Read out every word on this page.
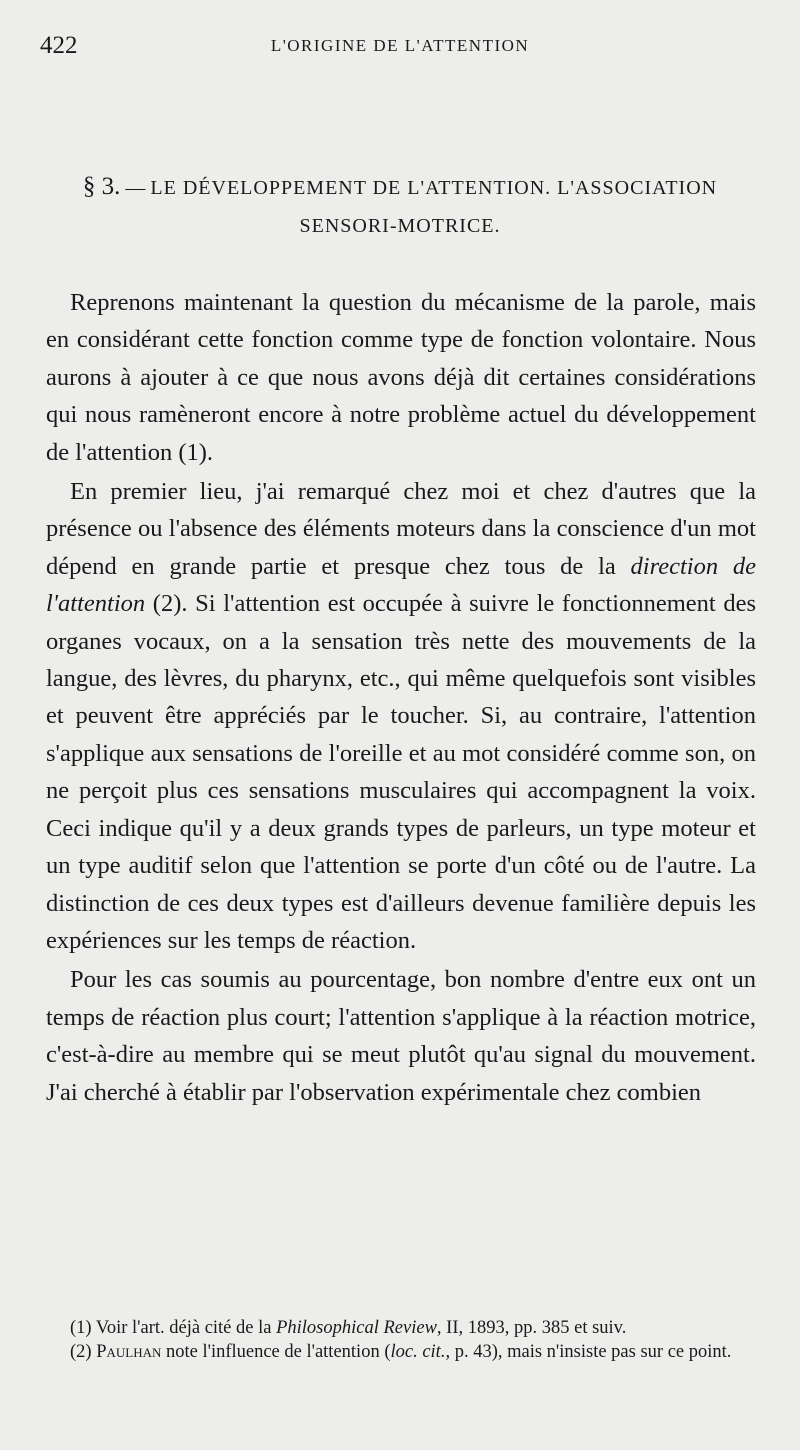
422	L'ORIGINE DE L'ATTENTION
§ 3. — LE DÉVELOPPEMENT DE L'ATTENTION. L'ASSOCIATION
SENSORI-MOTRICE.

Reprenons maintenant la question du mécanisme de la parole, mais en considérant cette fonction comme type de fonction volontaire. Nous aurons à ajouter à ce que nous avons déjà dit certaines considérations qui nous ramèneront encore à notre problème actuel du développement de l'attention (1).

En premier lieu, j'ai remarqué chez moi et chez d'autres que la présence ou l'absence des éléments moteurs dans la conscience d'un mot dépend en grande partie et presque chez tous de la direction de l'attention (2). Si l'attention est occupée à suivre le fonctionnement des organes vocaux, on a la sensation très nette des mouvements de la langue, des lèvres, du pharynx, etc., qui même quelquefois sont visibles et peuvent être appréciés par le toucher. Si, au contraire, l'attention s'applique aux sensations de l'oreille et au mot considéré comme son, on ne perçoit plus ces sensations musculaires qui accompagnent la voix. Ceci indique qu'il y a deux grands types de parleurs, un type moteur et un type auditif selon que l'attention se porte d'un côté ou de l'autre. La distinction de ces deux types est d'ailleurs devenue familière depuis les expériences sur les temps de réaction.

Pour les cas soumis au pourcentage, bon nombre d'entre eux ont un temps de réaction plus court; l'attention s'applique à la réaction motrice, c'est-à-dire au membre qui se meut plutôt qu'au signal du mouvement. J'ai cherché à établir par l'observation expérimentale chez combien

(1) Voir l'art. déjà cité de la Philosophical Review, II, 1893, pp. 385 et suiv.

(2) Paulhan note l'influence de l'attention (loc. cit., p. 43), mais n'insiste pas sur ce point.
